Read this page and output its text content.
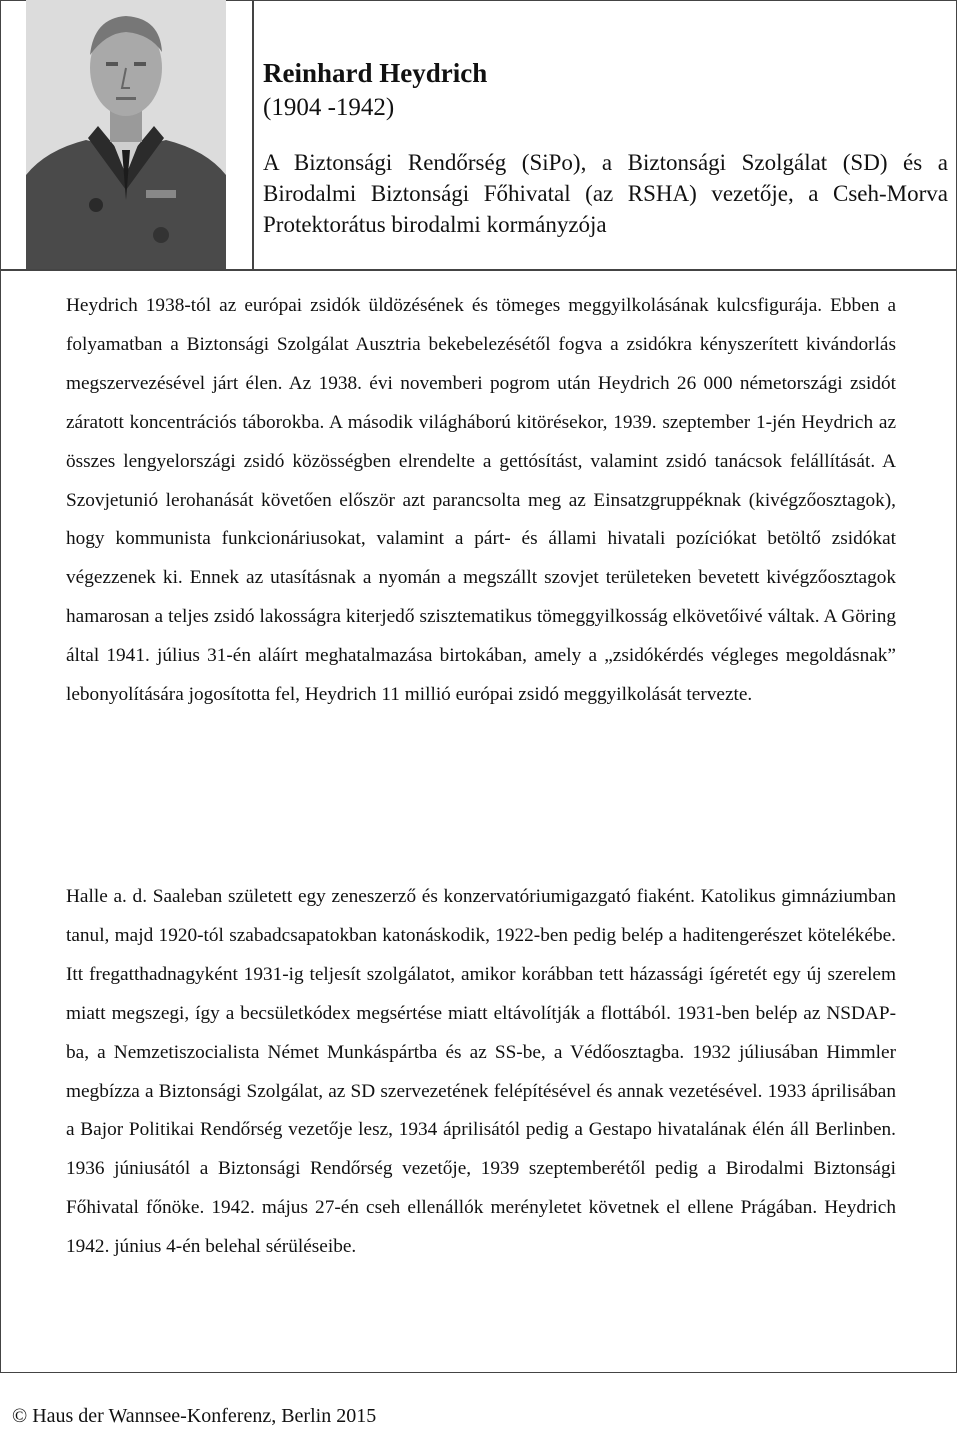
Reinhard Heydrich
(1904 -1942)
A Biztonsági Rendőrség (SiPo), a Biztonsági Szolgálat (SD) és a Birodalmi Biztonsági Főhivatal (az RSHA) vezetője, a Cseh-Morva Protektorátus birodalmi kormányzója
Heydrich 1938-tól az európai zsidók üldözésének és tömeges meggyilkolásának kulcsfigurája. Ebben a folyamatban a Biztonsági Szolgálat Ausztria bekebelezésétől fogva a zsidókra kényszerített kivándorlás megszervezésével járt élen. Az 1938. évi novemberi pogrom után Heydrich 26 000 németországi zsidót záratott koncentrációs táborokba. A második világháború kitörésekor, 1939. szeptember 1-jén Heydrich az összes lengyelországi zsidó közösségben elrendelte a gettósítást, valamint zsidó tanácsok felállítását. A Szovjetunió lerohanását követően először azt parancsolta meg az Einsatzgruppéknak (kivégzőosztagok), hogy kommunista funkcionáriusokat, valamint a párt- és állami hivatali pozíciókat betöltő zsidókat végezzenek ki. Ennek az utasításnak a nyomán a megszállt szovjet területeken bevetett kivégzőosztagok hamarosan a teljes zsidó lakosságra kiterjedő szisztematikus tömeggyilkosság elkövetőivé váltak. A Göring által 1941. július 31-én aláírt meghatalmazása birtokában, amely a „zsidókérdés végleges megoldásnak” lebonyolítására jogosította fel, Heydrich 11 millió európai zsidó meggyilkolását tervezte.
Halle a. d. Saaleban született egy zeneszerző és konzervatóriumigazgató fiaként. Katolikus gimnáziumban tanul, majd 1920-tól szabadcsapatokban katonáskodik, 1922-ben pedig belép a haditengerészet kötelékébe. Itt fregatthadnagyként 1931-ig teljesít szolgálatot, amikor korábban tett házassági ígéretét egy új szerelem miatt megszegi, így a becsületkódex megsértése miatt eltávolítják a flottából. 1931-ben belép az NSDAP-ba, a Nemzetiszocialista Német Munkáspártba és az SS-be, a Védőosztagba. 1932 júliusában Himmler megbízza a Biztonsági Szolgálat, az SD szervezetének felépítésével és annak vezetésével. 1933 áprilisában a Bajor Politikai Rendőrség vezetője lesz, 1934 áprilisától pedig a Gestapo hivatalának élén áll Berlinben. 1936 júniusától a Biztonsági Rendőrség vezetője, 1939 szeptemberétől pedig a Birodalmi Biztonsági Főhivatal főnöke. 1942. május 27-én cseh ellenállók merényletet követnek el ellene Prágában. Heydrich 1942. június 4-én belehal sérüléseibe.
© Haus der Wannsee-Konferenz, Berlin 2015
